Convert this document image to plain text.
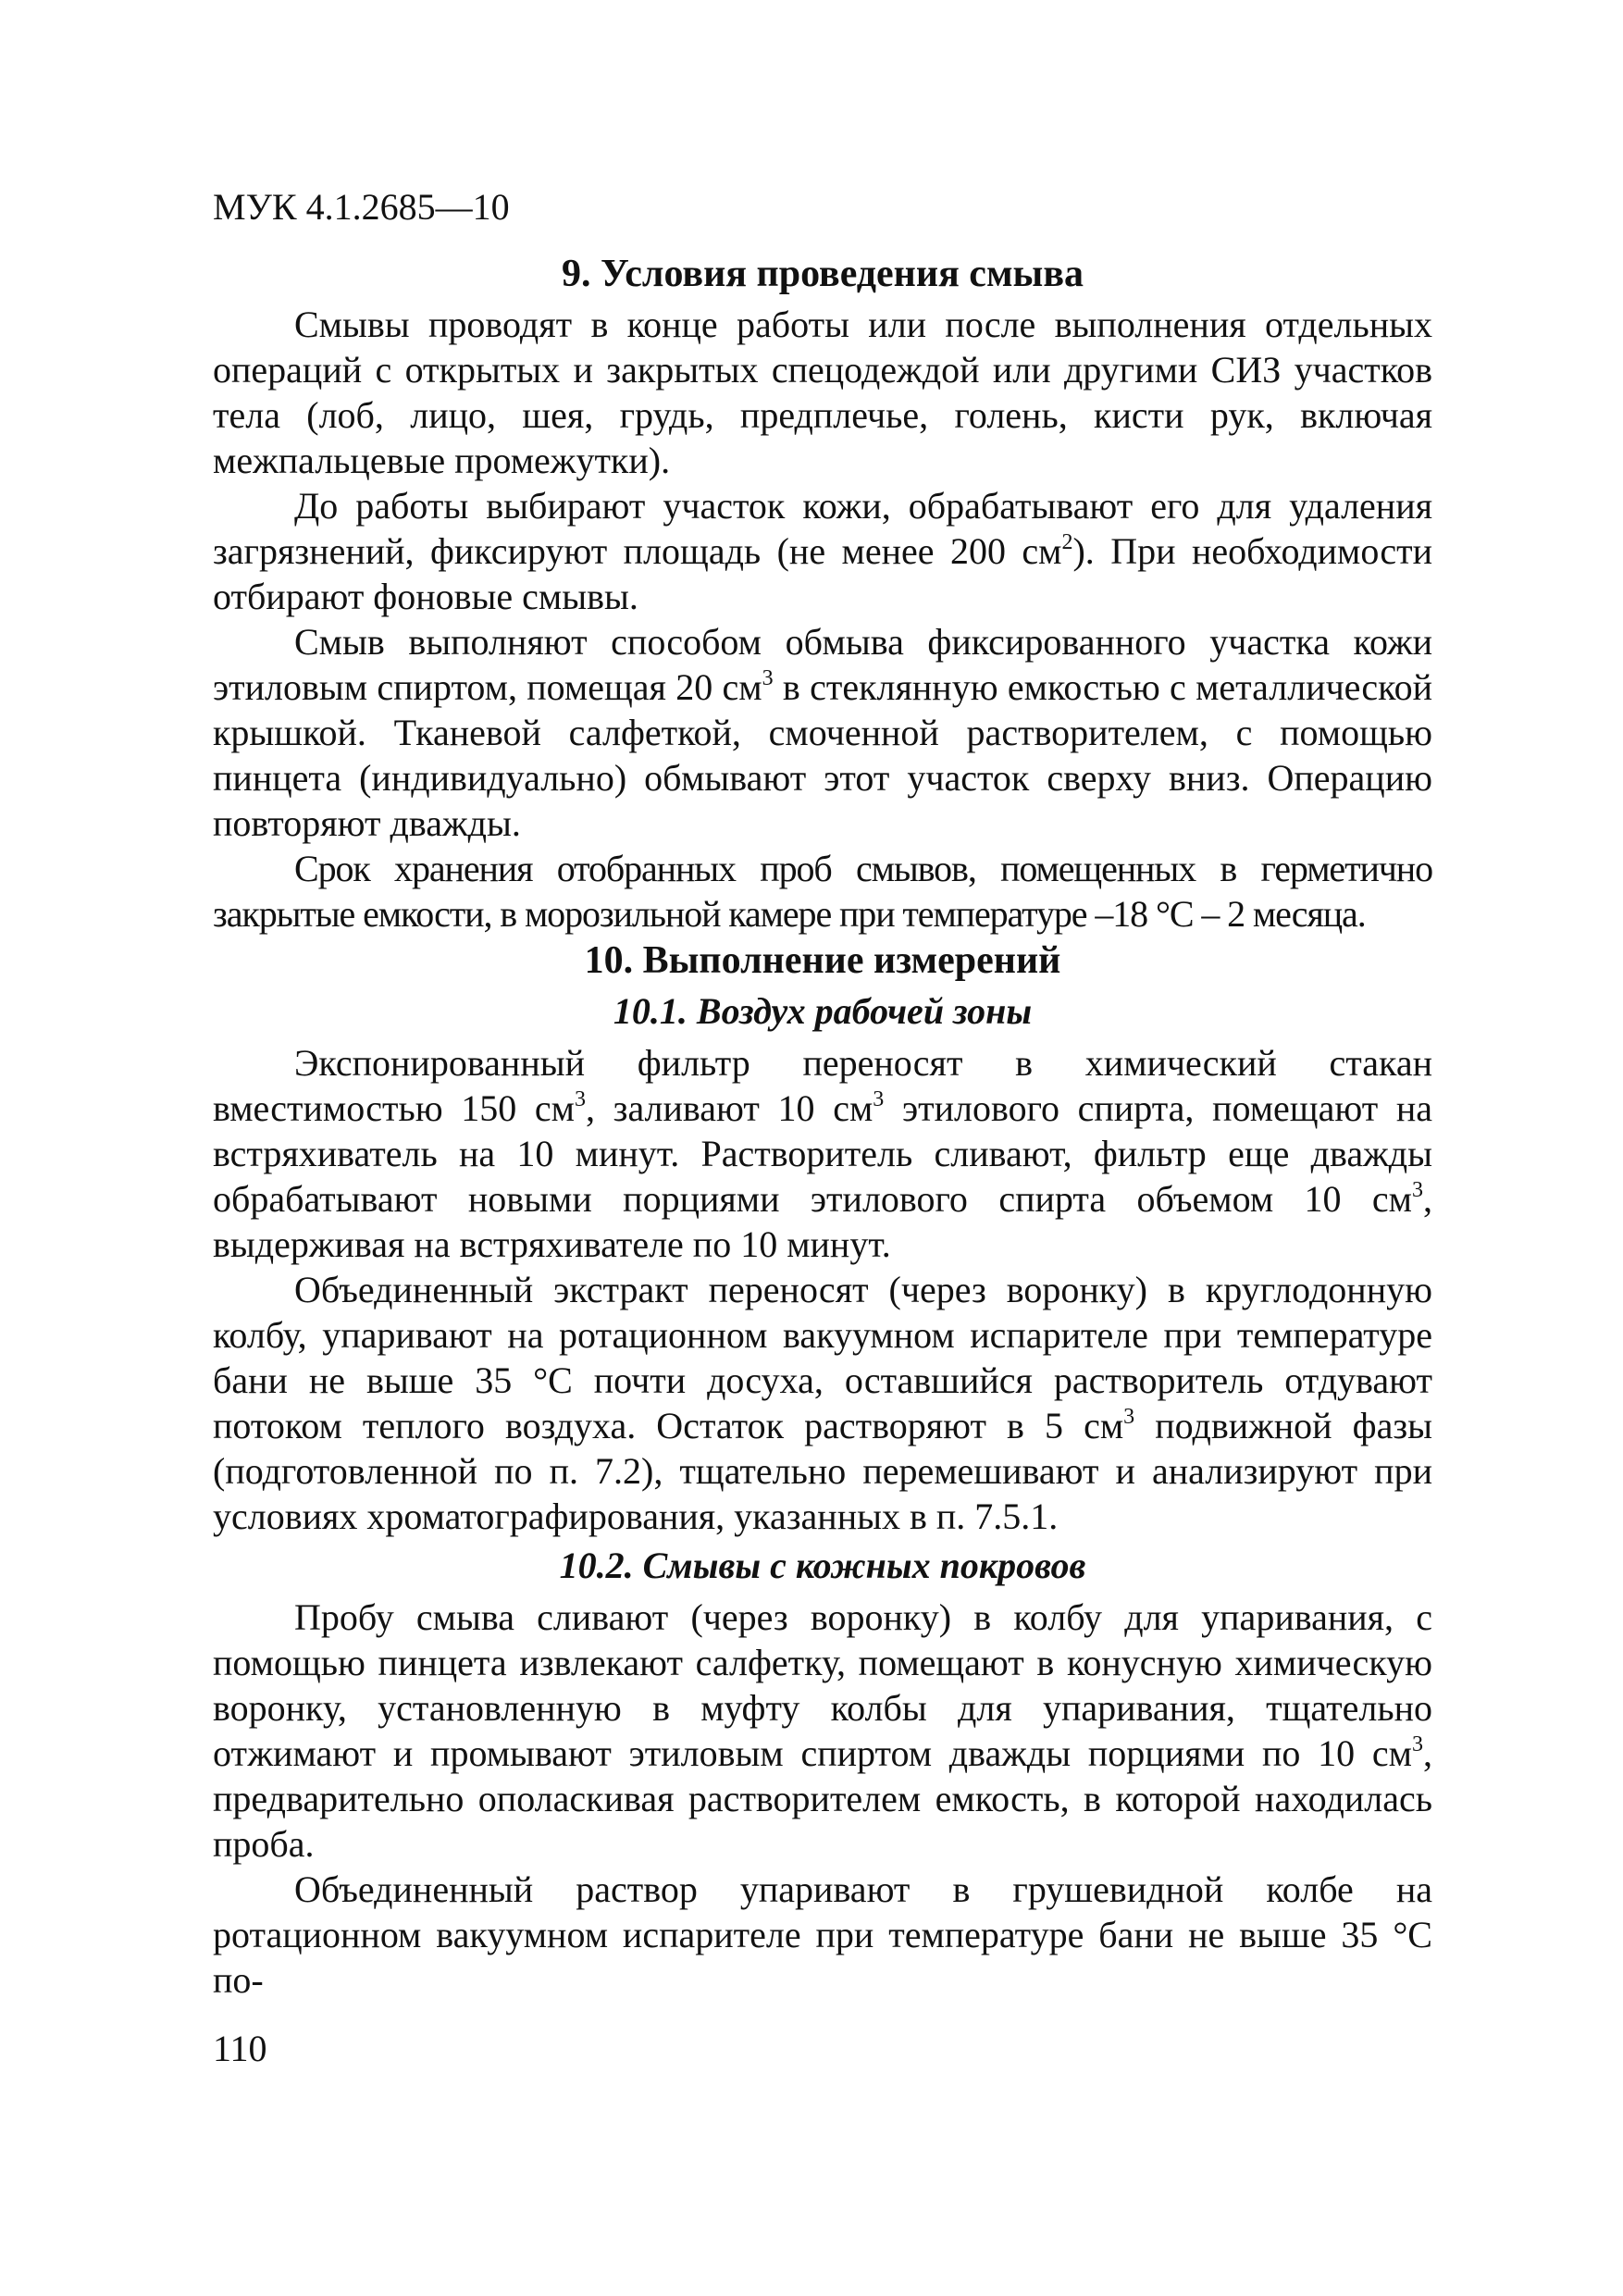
МУК 4.1.2685—10
9. Условия проведения смыва

Смывы проводят в конце работы или после выполнения отдельных операций с открытых и закрытых спецодеждой или другими СИЗ участков тела (лоб, лицо, шея, грудь, предплечье, голень, кисти рук, включая межпальцевые промежутки).

До работы выбирают участок кожи, обрабатывают его для удаления загрязнений, фиксируют площадь (не менее 200 $см^2$). При необходимости отбирают фоновые смывы.

Смыв выполняют способом обмыва фиксированного участка кожи этиловым спиртом, помещая 20 $см^3$ в стеклянную емкостью с металлической крышкой. Тканевой салфеткой, смоченной растворителем, с помощью пинцета (индивидуально) обмывают этот участок сверху вниз. Операцию повторяют дважды.

Срок хранения отобранных проб смывов, помещенных в герметично закрытые емкости, в морозильной камере при температуре –18 °С – 2 месяца.

10. Выполнение измерений
10.1. Воздух рабочей зоны

Экспонированный фильтр переносят в химический стакан вместимостью 150 $см^3$, заливают 10 $см^3$ этилового спирта, помещают на встряхиватель на 10 минут. Растворитель сливают, фильтр еще дважды обрабатывают новыми порциями этилового спирта объемом 10 $см^3$, выдерживая на встряхивателе по 10 минут.

Объединенный экстракт переносят (через воронку) в круглодонную колбу, упаривают на ротационном вакуумном испарителе при температуре бани не выше 35 °С почти досуха, оставшийся растворитель отдувают потоком теплого воздуха. Остаток растворяют в 5 $см^3$ подвижной фазы (подготовленной по п. 7.2), тщательно перемешивают и анализируют при условиях хроматографирования, указанных в п. 7.5.1.

10.2. Смывы с кожных покровов

Пробу смыва сливают (через воронку) в колбу для упаривания, с помощью пинцета извлекают салфетку, помещают в конусную химическую воронку, установленную в муфту колбы для упаривания, тщательно отжимают и промывают этиловым спиртом дважды порциями по 10 $см^3$, предварительно ополаскивая растворителем емкость, в которой находилась проба.

Объединенный раствор упаривают в грушевидной колбе на ротационном вакуумном испарителе при температуре бани не выше 35 °С по-

110
